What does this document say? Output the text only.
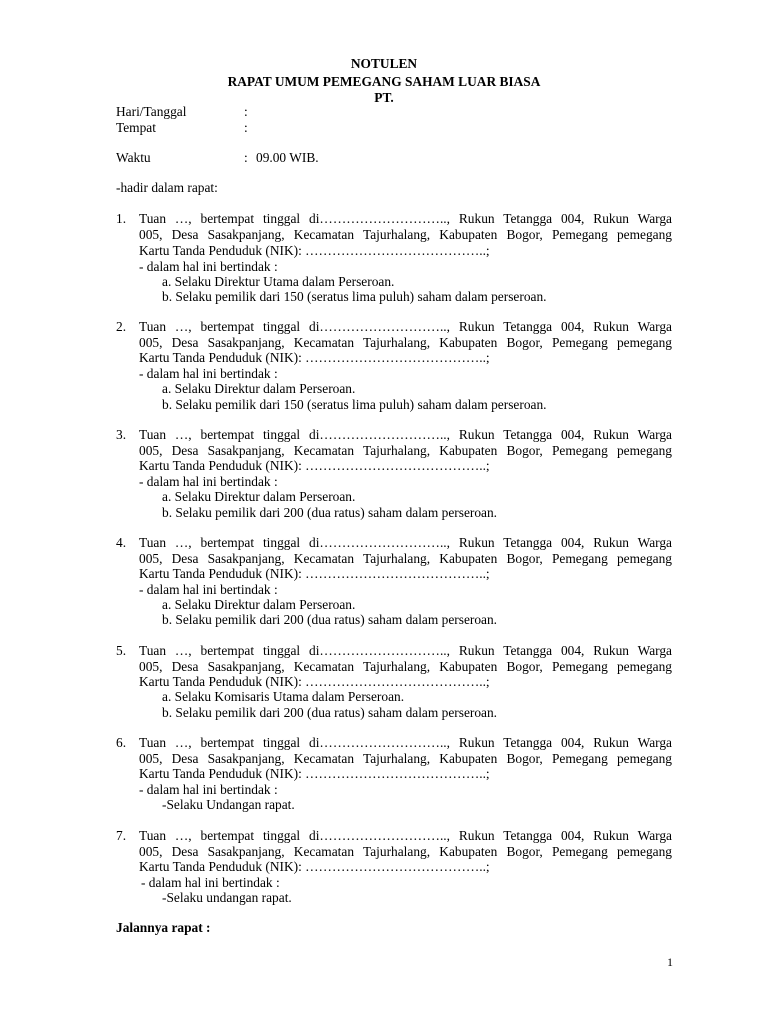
NOTULEN
RAPAT UMUM PEMEGANG SAHAM LUAR BIASA
PT.
Hari/Tanggal	:
Tempat	:
Waktu	: 09.00 WIB.
-hadir dalam rapat:
1. Tuan …, bertempat tinggal di……………………….., Rukun Tetangga 004, Rukun Warga
005, Desa Sasakpanjang, Kecamatan Tajurhalang, Kabupaten Bogor, Pemegang pemegang
Kartu Tanda Penduduk (NIK): …………………………………..;
- dalam hal ini bertindak :
a. Selaku Direktur Utama dalam Perseroan.
b. Selaku pemilik dari 150 (seratus lima puluh) saham dalam perseroan.
2. Tuan …, bertempat tinggal di……………………….., Rukun Tetangga 004, Rukun Warga
005, Desa Sasakpanjang, Kecamatan Tajurhalang, Kabupaten Bogor, Pemegang pemegang
Kartu Tanda Penduduk (NIK): …………………………………..;
- dalam hal ini bertindak :
a. Selaku Direktur dalam Perseroan.
b. Selaku pemilik dari 150 (seratus lima puluh) saham dalam perseroan.
3. Tuan …, bertempat tinggal di……………………….., Rukun Tetangga 004, Rukun Warga
005, Desa Sasakpanjang, Kecamatan Tajurhalang, Kabupaten Bogor, Pemegang pemegang
Kartu Tanda Penduduk (NIK): …………………………………..;
- dalam hal ini bertindak :
a. Selaku Direktur dalam Perseroan.
b. Selaku pemilik dari 200 (dua ratus) saham dalam perseroan.
4. Tuan …, bertempat tinggal di……………………….., Rukun Tetangga 004, Rukun Warga
005, Desa Sasakpanjang, Kecamatan Tajurhalang, Kabupaten Bogor, Pemegang pemegang
Kartu Tanda Penduduk (NIK): …………………………………..;
- dalam hal ini bertindak :
a. Selaku Direktur dalam Perseroan.
b. Selaku pemilik dari 200 (dua ratus) saham dalam perseroan.
5. Tuan …, bertempat tinggal di……………………….., Rukun Tetangga 004, Rukun Warga
005, Desa Sasakpanjang, Kecamatan Tajurhalang, Kabupaten Bogor, Pemegang pemegang
Kartu Tanda Penduduk (NIK): …………………………………..;
a. Selaku Komisaris Utama dalam Perseroan.
b. Selaku pemilik dari 200 (dua ratus) saham dalam perseroan.
6. Tuan …, bertempat tinggal di……………………….., Rukun Tetangga 004, Rukun Warga
005, Desa Sasakpanjang, Kecamatan Tajurhalang, Kabupaten Bogor, Pemegang pemegang
Kartu Tanda Penduduk (NIK): …………………………………..;
- dalam hal ini bertindak :
-Selaku Undangan rapat.
7. Tuan …, bertempat tinggal di……………………….., Rukun Tetangga 004, Rukun Warga
005, Desa Sasakpanjang, Kecamatan Tajurhalang, Kabupaten Bogor, Pemegang pemegang
Kartu Tanda Penduduk (NIK): …………………………………..;
- dalam hal ini bertindak :
-Selaku undangan rapat.
Jalannya rapat :
1
